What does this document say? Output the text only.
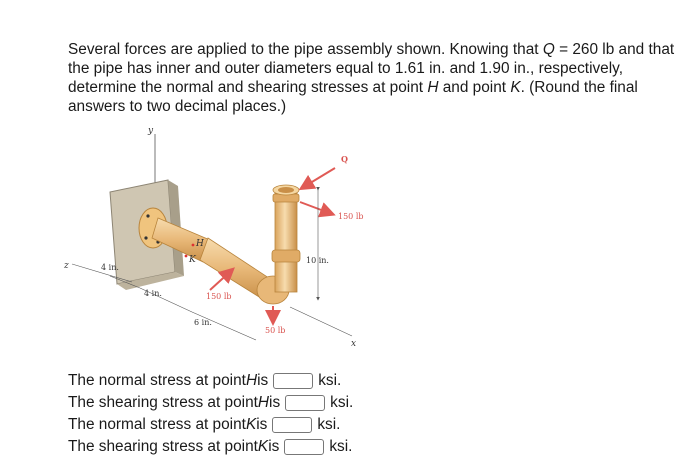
Several forces are applied to the pipe assembly shown. Knowing that Q = 260 lb and that the pipe has inner and outer diameters equal to 1.61 in. and 1.90 in., respectively, determine the normal and shearing stresses at point H and point K. (Round the final answers to two decimal places.)

y
H
K
Q
150 lb
150 lb
50 lb
10 in.
x
z	4 in.
4 in.
6 in.
The normal stress at point H is	ksi.
The shearing stress at point H is	ksi.
The normal stress at point K is	ksi.
The shearing stress at point K is	ksi.
